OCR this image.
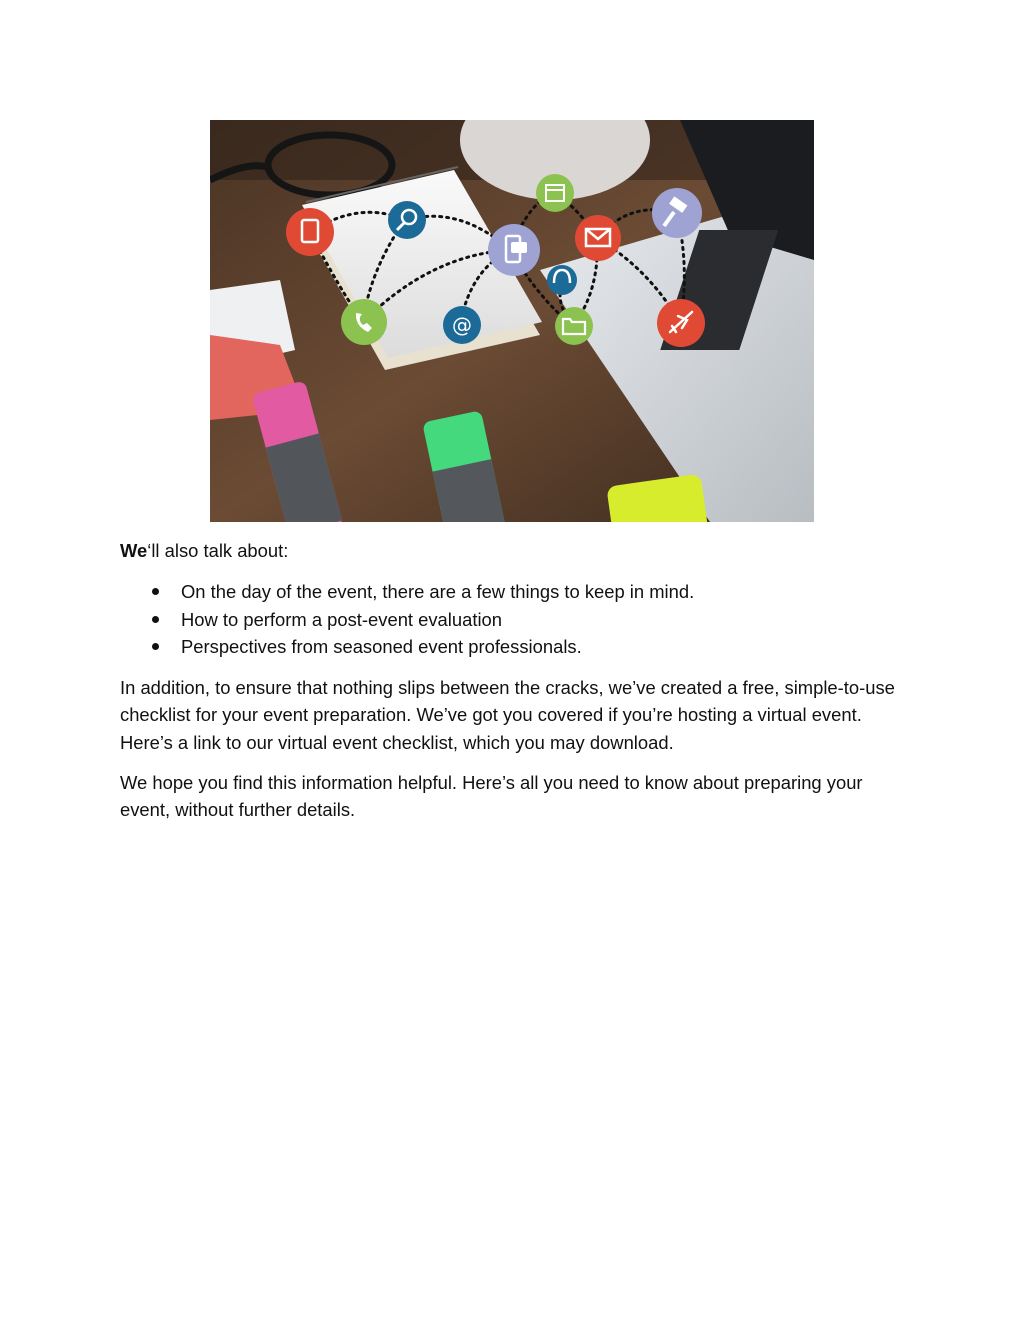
@
We‘ll also talk about:
On the day of the event, there are a few things to keep in mind.
How to perform a post-event evaluation
Perspectives from seasoned event professionals.

In addition, to ensure that nothing slips between the cracks, we’ve created a free, simple-to-use checklist for your event preparation. We’ve got you covered if you’re hosting a virtual event. Here’s a link to our virtual event checklist, which you may download.

We hope you find this information helpful. Here’s all you need to know about preparing your event, without further details.
